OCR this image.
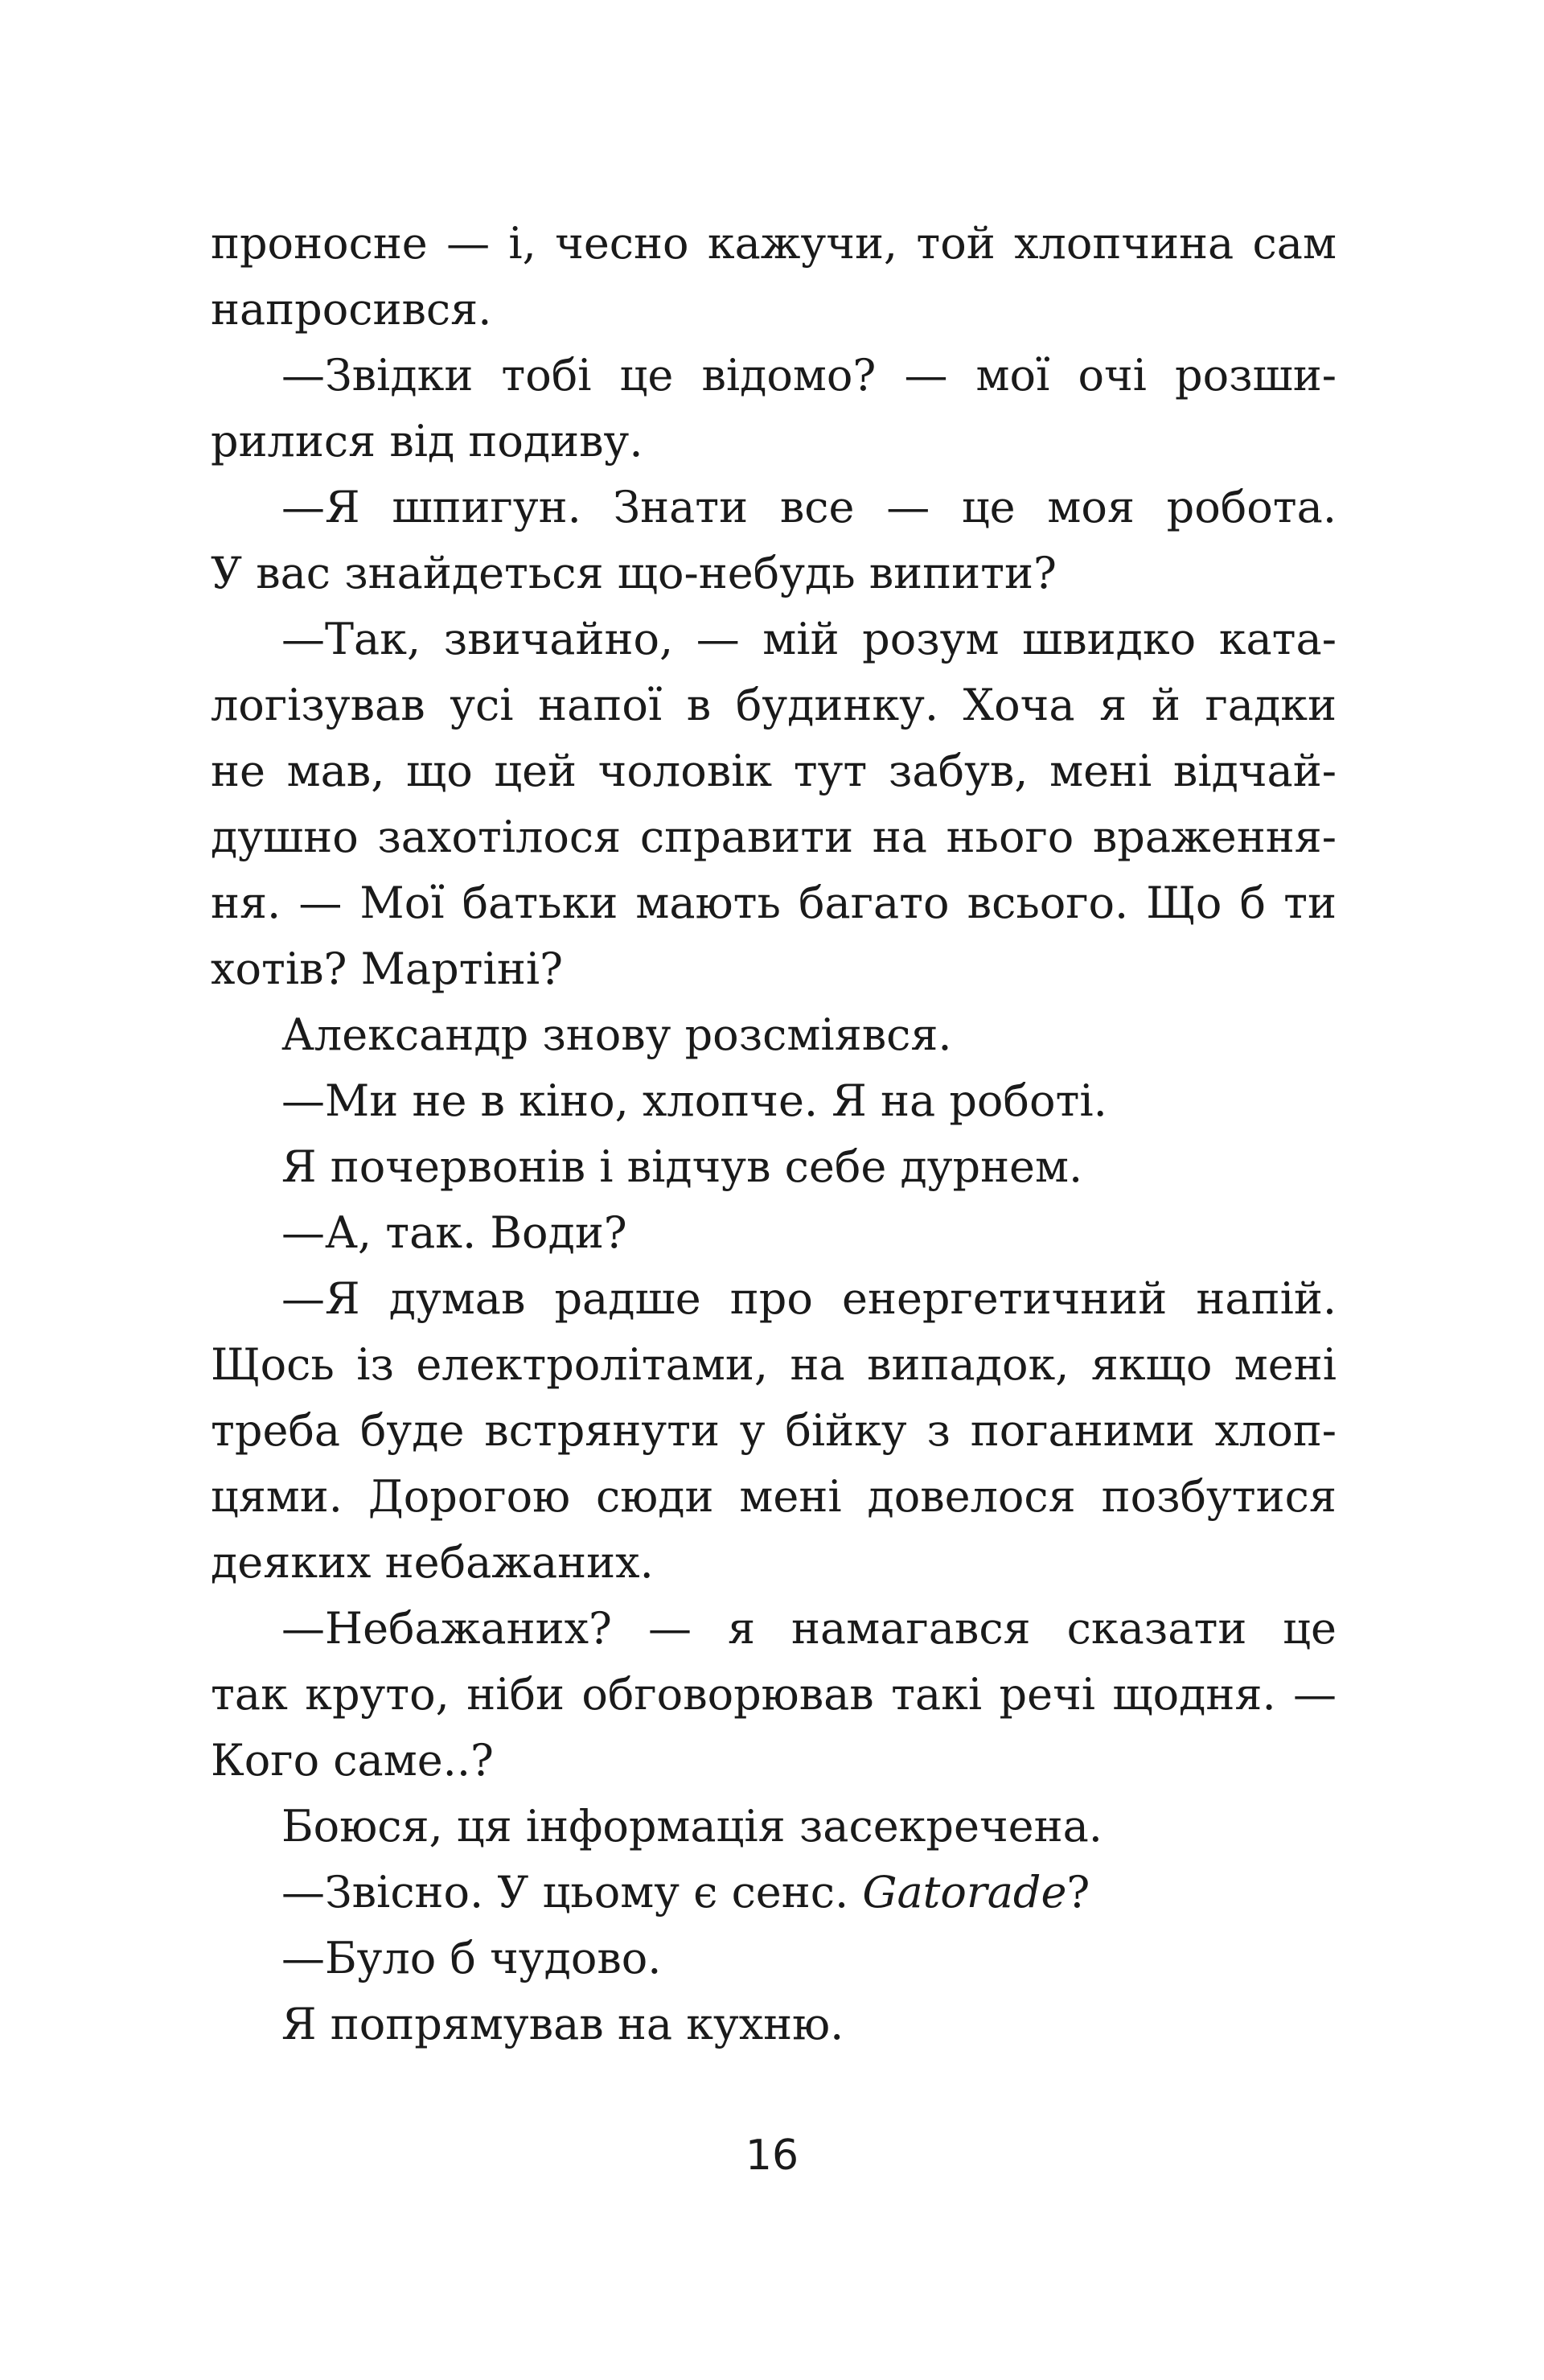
проносне — і, чесно кажучи, той хлопчина сам
напросився.
—Звідки тобі це відомо? — мої очі розши-
рилися від подиву.
—Я шпигун. Знати все — це моя робота.
У вас знайдеться що-небудь випити?
—Так, звичайно, — мій розум швидко ката-
логізував усі напої в будинку. Хоча я й гадки
не мав, що цей чоловік тут забув, мені відчай-
душно захотілося справити на нього враження-
ня. — Мої батьки мають багато всього. Що б ти
хотів? Мартіні?
Александр знову розсміявся.
—Ми не в кіно, хлопче. Я на роботі.
Я почервонів і відчув себе дурнем.
—А, так. Води?
—Я думав радше про енергетичний напій.
Щось із електролітами, на випадок, якщо мені
треба буде встрянути у бійку з поганими хлоп-
цями. Дорогою сюди мені довелося позбутися
деяких небажаних.
—Небажаних? — я намагався сказати це
так круто, ніби обговорював такі речі щодня. —
Кого саме..?
Боюся, ця інформація засекречена.
—Звісно. У цьому є сенс. Gatorade?
—Було б чудово.
Я попрямував на кухню.
16
